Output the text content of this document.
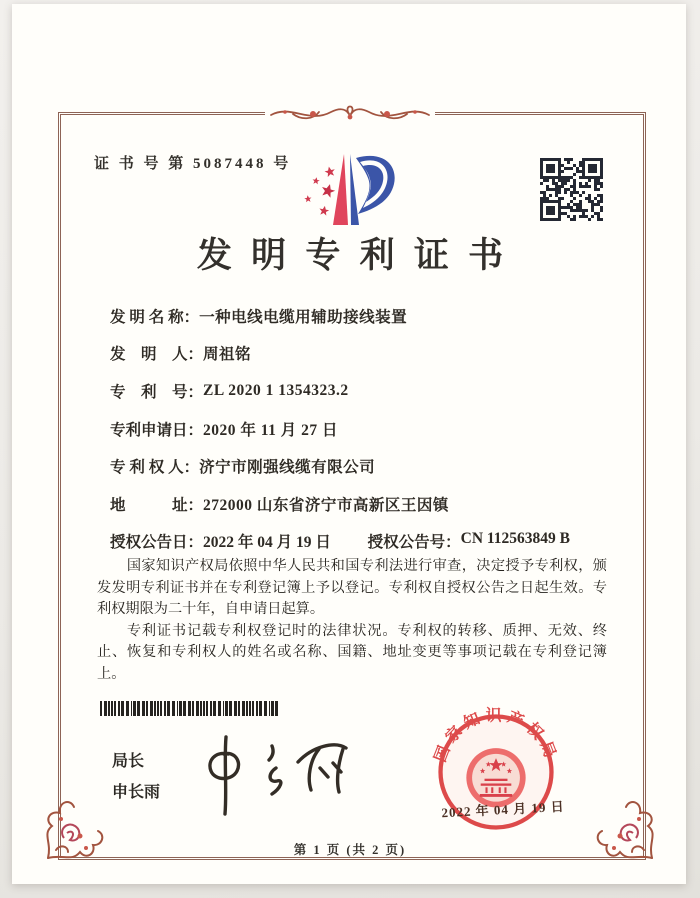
证 书 号 第 5087448 号
发明专利证书
发 明 名 称： 一种电线电缆用辅助接线装置
发　明　人： 周祖铭
专　利　号： ZL 2020 1 1354323.2
专利申请日： 2020 年 11 月 27 日
专 利 权 人： 济宁市刚强线缆有限公司
地　　　址： 272000 山东省济宁市高新区王因镇
授权公告日： 2022 年 04 月 19 日 授权公告号： CN 112563849 B

国家知识产权局依照中华人民共和国专利法进行审查，决定授予专利权，颁发发明专利证书并在专利登记簿上予以登记。专利权自授权公告之日起生效。专利权期限为二十年，自申请日起算。

专利证书记载专利权登记时的法律状况。专利权的转移、质押、无效、终止、恢复和专利权人的姓名或名称、国籍、地址变更等事项记载在专利登记簿上。

局长
申长雨
国家知识产权局
2022 年 04 月 19 日
第 1 页 (共 2 页)
